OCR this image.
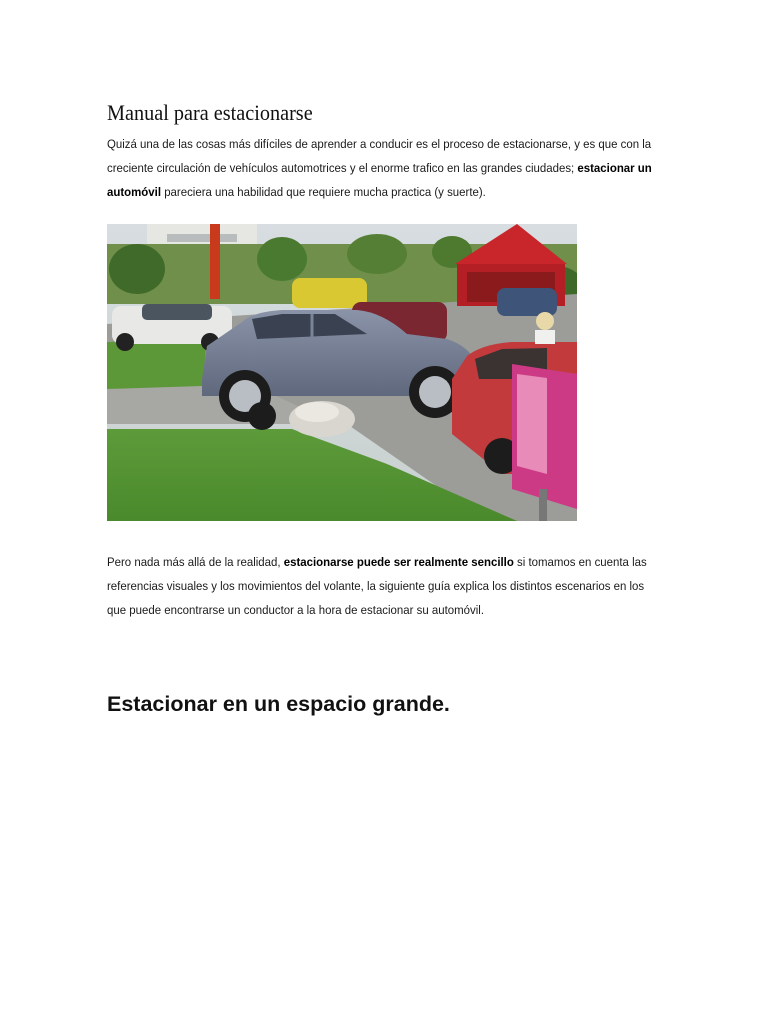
Manual para estacionarse

Quizá una de las cosas más difíciles de aprender a conducir es el proceso de estacionarse, y es que con la creciente circulación de vehículos automotrices y el enorme trafico en las grandes ciudades; estacionar un automóvil pareciera una habilidad que requiere mucha practica (y suerte).

Pero nada más allá de la realidad, estacionarse puede ser realmente sencillo si tomamos en cuenta las referencias visuales y los movimientos del volante, la siguiente guía explica los distintos escenarios en los que puede encontrarse un conductor a la hora de estacionar su automóvil.

Estacionar en un espacio grande.
